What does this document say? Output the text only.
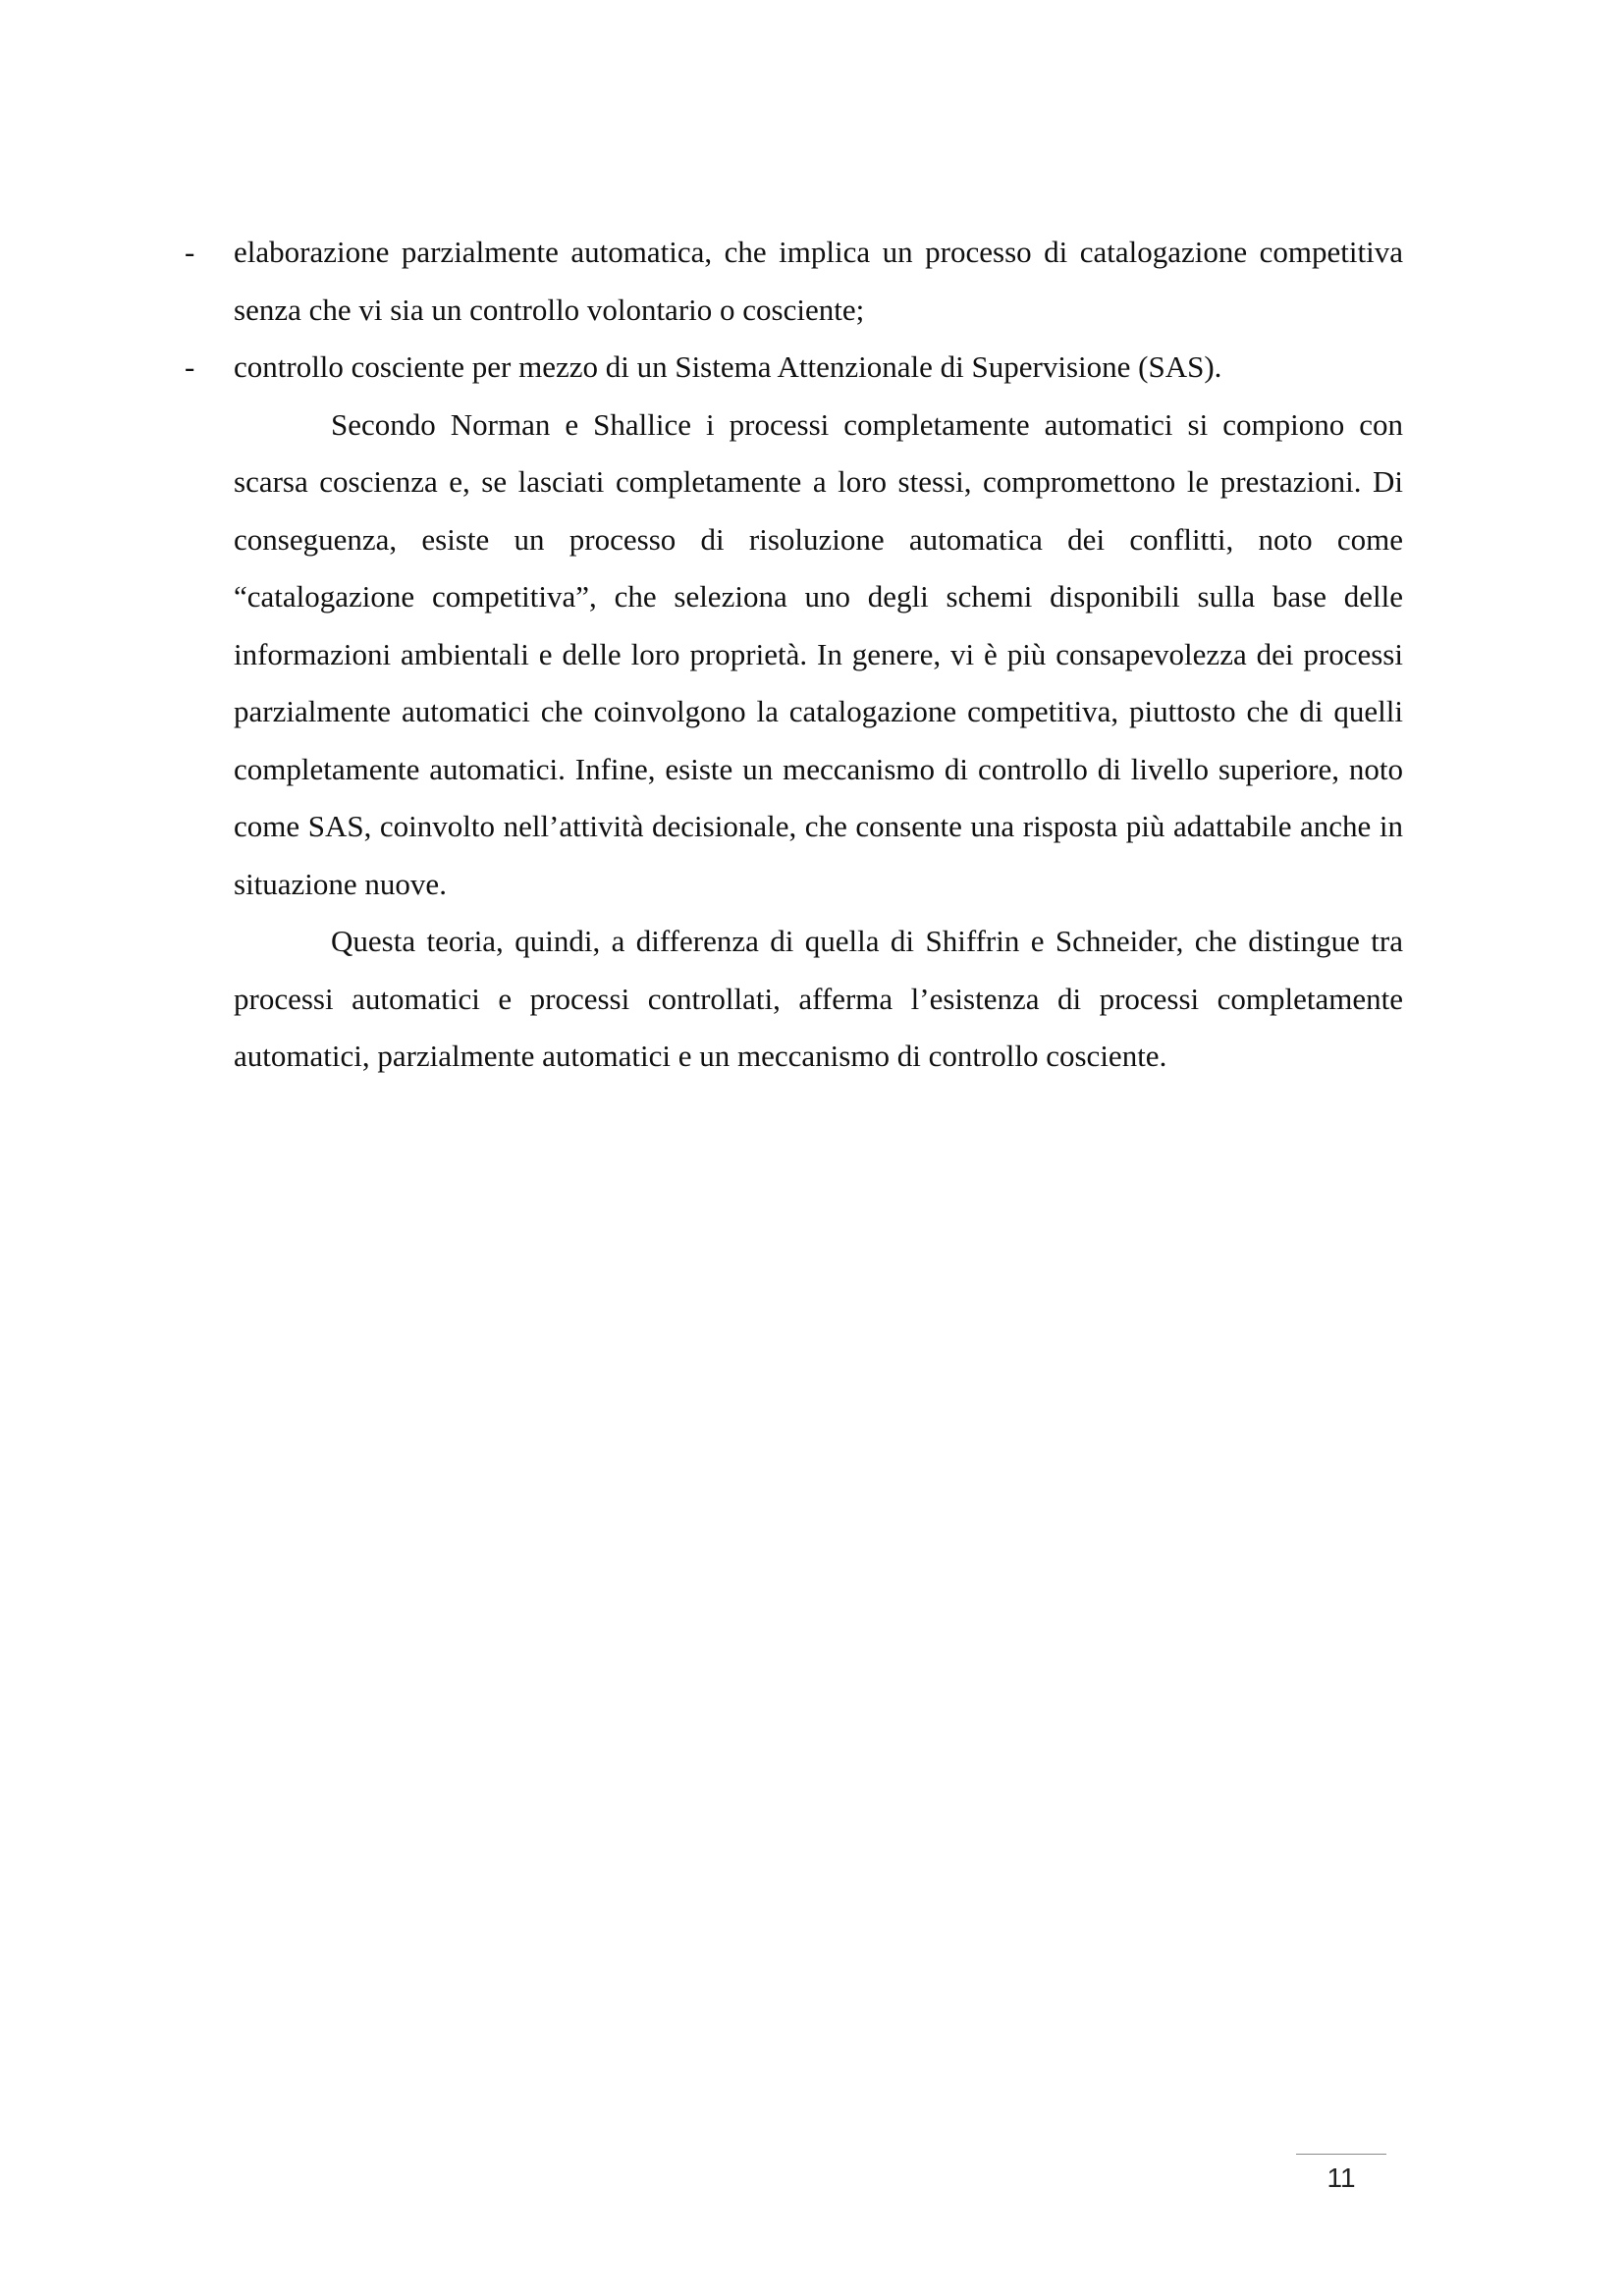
- elaborazione parzialmente automatica, che implica un processo di catalogazione competitiva senza che vi sia un controllo volontario o cosciente;

- controllo cosciente per mezzo di un Sistema Attenzionale di Supervisione (SAS).

Secondo Norman e Shallice i processi completamente automatici si compiono con scarsa coscienza e, se lasciati completamente a loro stessi, compromettono le prestazioni. Di conseguenza, esiste un processo di risoluzione automatica dei conflitti, noto come “catalogazione competitiva”, che seleziona uno degli schemi disponibili sulla base delle informazioni ambientali e delle loro proprietà. In genere, vi è più consapevolezza dei processi parzialmente automatici che coinvolgono la catalogazione competitiva, piuttosto che di quelli completamente automatici. Infine, esiste un meccanismo di controllo di livello superiore, noto come SAS, coinvolto nell’attività decisionale, che consente una risposta più adattabile anche in situazione nuove.

Questa teoria, quindi, a differenza di quella di Shiffrin e Schneider, che distingue tra processi automatici e processi controllati, afferma l’esistenza di processi completamente automatici, parzialmente automatici e un meccanismo di controllo cosciente.

11
